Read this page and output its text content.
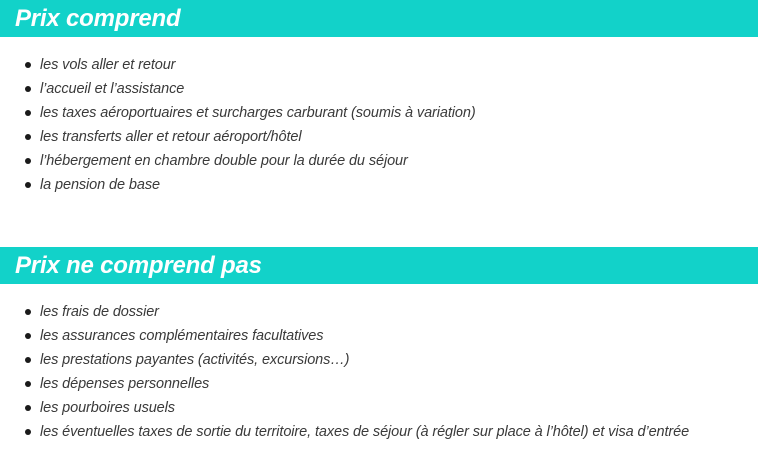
Prix comprend
les vols aller et retour
l’accueil et l’assistance
les taxes aéroportuaires et surcharges carburant (soumis à variation)
les transferts aller et retour aéroport/hôtel
l’hébergement en chambre double pour la durée du séjour
la pension de base
Prix ne comprend pas
les frais de dossier
les assurances complémentaires facultatives
les prestations payantes (activités, excursions…)
les dépenses personnelles
les pourboires usuels
les éventuelles taxes de sortie du territoire, taxes de séjour (à régler sur place à l’hôtel) et visa d’entrée
